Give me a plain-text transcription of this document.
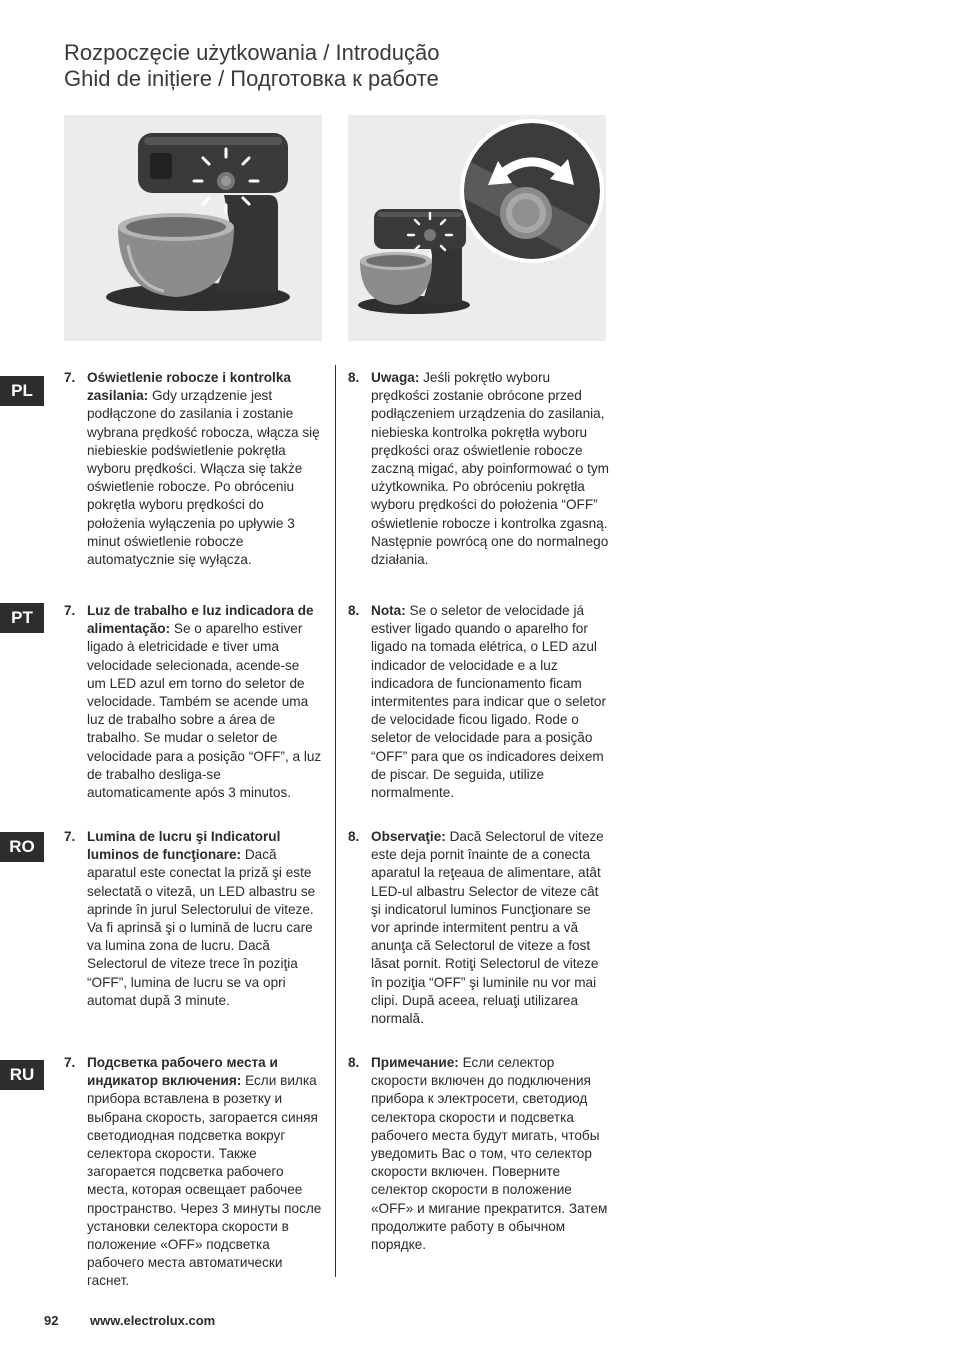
Rozpoczęcie użytkowania / Introdução
Ghid de inițiere / Подготовка к работе
PL
7. Oświetlenie robocze i kontrolka zasilania: Gdy urządzenie jest podłączone do zasilania i zostanie wybrana prędkość robocza, włącza się niebieskie podświetlenie pokrętła wyboru prędkości. Włącza się także oświetlenie robocze. Po obróceniu pokrętła wyboru prędkości do położenia wyłączenia po upływie 3 minut oświetlenie robocze automatycznie się wyłącza.
8. Uwaga: Jeśli pokrętło wyboru prędkości zostanie obrócone przed podłączeniem urządzenia do zasilania, niebieska kontrolka pokrętła wyboru prędkości oraz oświetlenie robocze zaczną migać, aby poinformować o tym użytkownika. Po obróceniu pokrętła wyboru prędkości do położenia “OFF” oświetlenie robocze i kontrolka zgasną. Następnie powrócą one do normalnego działania.
PT	7. Luz de trabalho e luz indicadora de alimentação: Se o aparelho estiver ligado à eletricidade e tiver uma velocidade selecionada, acende-se um LED azul em torno do seletor de velocidade. Também se acende uma luz de trabalho sobre a área de trabalho. Se mudar o seletor de velocidade para a posição “OFF”, a luz de trabalho desliga-se automaticamente após 3 minutos.
8. Nota: Se o seletor de velocidade já estiver ligado quando o aparelho for ligado na tomada elétrica, o LED azul indicador de velocidade e a luz indicadora de funcionamento ficam intermitentes para indicar que o seletor de velocidade ficou ligado. Rode o seletor de velocidade para a posição “OFF” para que os indicadores deixem de piscar. De seguida, utilize normalmente.
RO
7. Lumina de lucru şi Indicatorul luminos de funcţionare: Dacă aparatul este conectat la priză şi este selectată o viteză, un LED albastru se aprinde în jurul Selectorului de viteze. Va fi aprinsă şi o lumină de lucru care va lumina zona de lucru. Dacă Selectorul de viteze trece în poziţia “OFF”, lumina de lucru se va opri automat după 3 minute.
8. Observaţie: Dacă Selectorul de viteze este deja pornit înainte de a conecta aparatul la reţeaua de alimentare, atât LED-ul albastru Selector de viteze cât şi indicatorul luminos Funcţionare se vor aprinde intermitent pentru a vă anunţa că Selectorul de viteze a fost lăsat pornit. Rotiţi Selectorul de viteze în poziţia “OFF” şi luminile nu vor mai clipi. După aceea, reluaţi utilizarea normală.
RU
7. Подсветка рабочего места и индикатор включения: Если вилка прибора вставлена в розетку и выбрана скорость, загорается синяя светодиодная подсветка вокруг селектора скорости. Также загорается подсветка рабочего места, которая освещает рабочее пространство. Через 3 минуты после установки селектора скорости в положение «OFF» подсветка рабочего места автоматически гаснет.
8. Примечание: Если селектор скорости включен до подключения прибора к электросети, светодиод селектора скорости и подсветка рабочего места будут мигать, чтобы уведомить Вас о том, что селектор скорости включен. Поверните селектор скорости в положение «OFF» и мигание прекратится. Затем продолжите работу в обычном порядке.
92 www.electrolux.com
